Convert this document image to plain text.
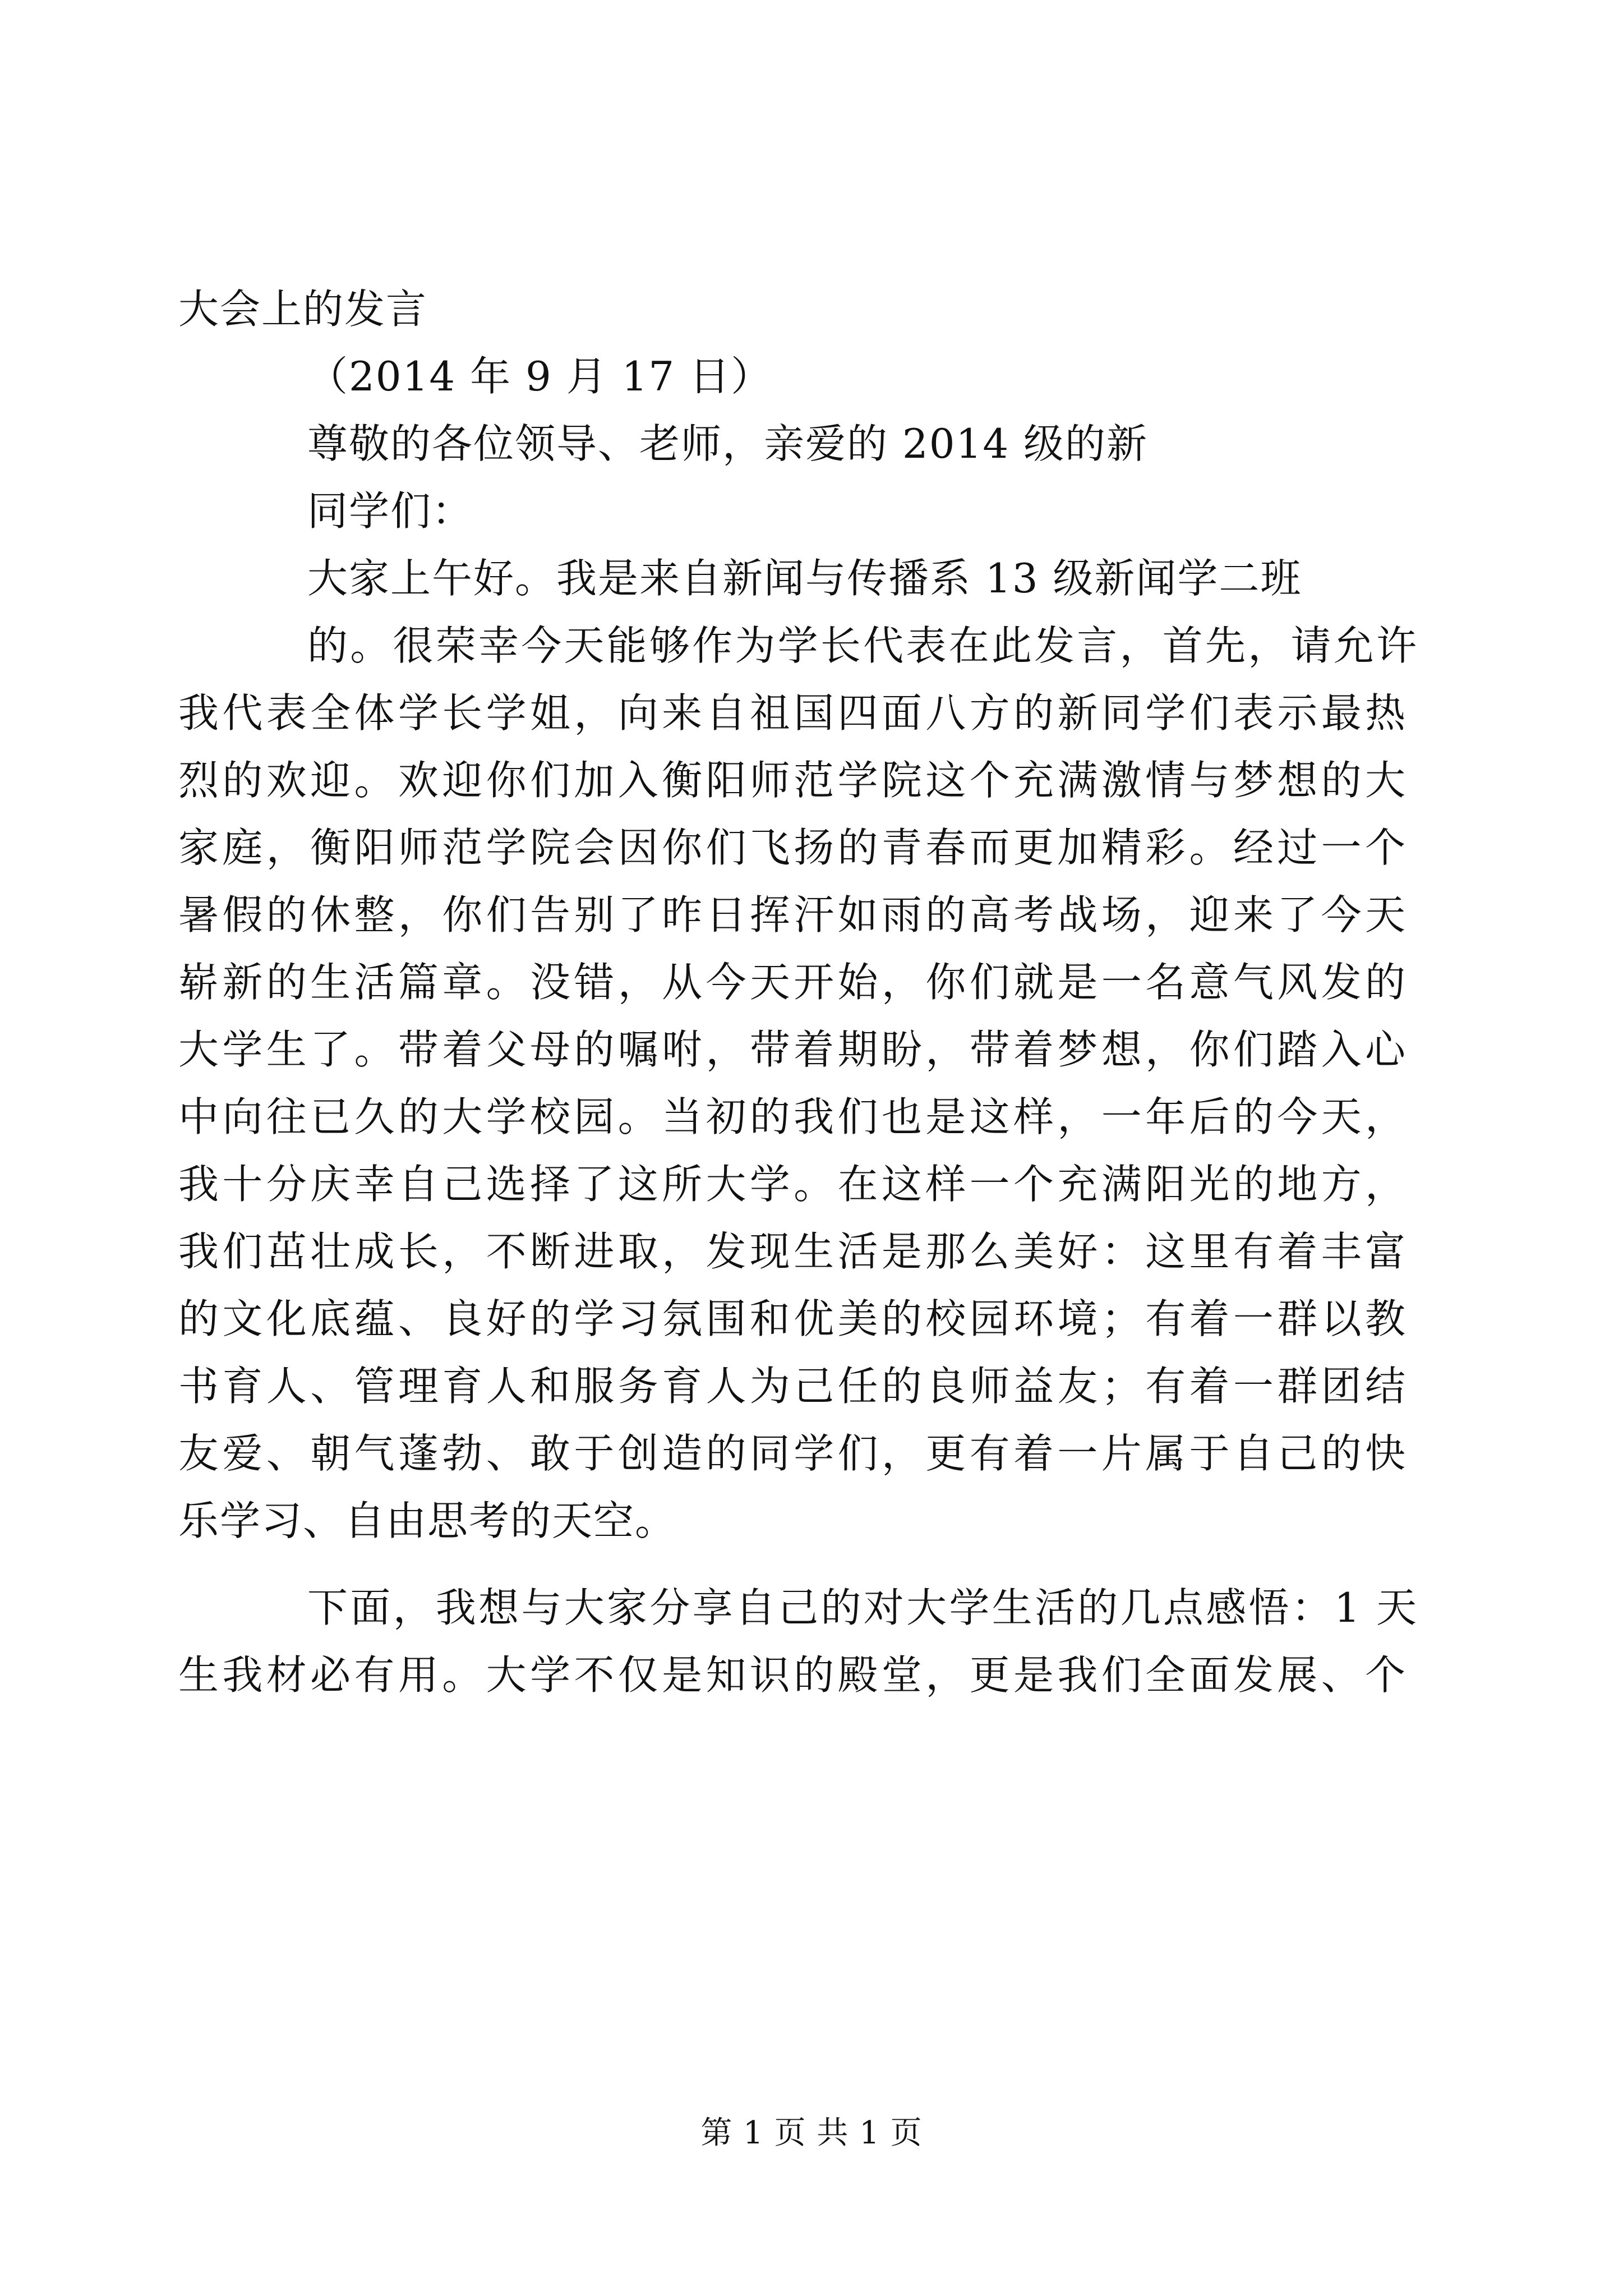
大会上的发言
（2014 年 9 月 17 日）
尊敬的各位领导、老师，亲爱的 2014 级的新
同学们：
大家上午好。我是来自新闻与传播系 13 级新闻学二班
的。很荣幸今天能够作为学长代表在此发言，首先，请允许
我代表全体学长学姐，向来自祖国四面八方的新同学们表示最热
烈的欢迎。欢迎你们加入衡阳师范学院这个充满激情与梦想的大
家庭，衡阳师范学院会因你们飞扬的青春而更加精彩。经过一个
暑假的休整，你们告别了昨日挥汗如雨的高考战场，迎来了今天
崭新的生活篇章。没错，从今天开始，你们就是一名意气风发的
大学生了。带着父母的嘱咐，带着期盼，带着梦想，你们踏入心
中向往已久的大学校园。当初的我们也是这样，一年后的今天，
我十分庆幸自己选择了这所大学。在这样一个充满阳光的地方，
我们茁壮成长，不断进取，发现生活是那么美好：这里有着丰富
的文化底蕴、良好的学习氛围和优美的校园环境；有着一群以教
书育人、管理育人和服务育人为己任的良师益友；有着一群团结
友爱、朝气蓬勃、敢于创造的同学们，更有着一片属于自己的快
乐学习、自由思考的天空。
下面，我想与大家分享自己的对大学生活的几点感悟：1 天
生我材必有用。大学不仅是知识的殿堂，更是我们全面发展、个
第 1 页 共 1 页
